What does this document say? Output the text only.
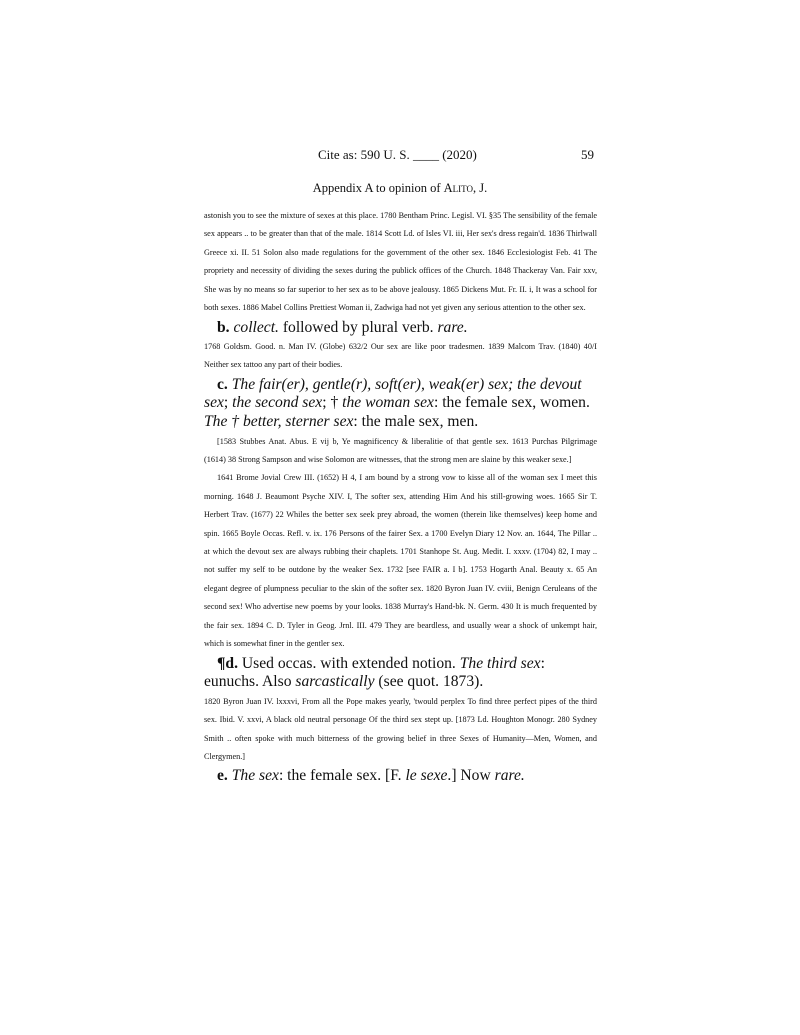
Cite as: 590 U. S. ____ (2020)	59
Appendix A to opinion of Alito, J.

astonish you to see the mixture of sexes at this place. 1780 Bentham Princ. Legisl. VI. §35 The sensibility of the female sex appears .. to be greater than that of the male. 1814 Scott Ld. of Isles VI. iii, Her sex's dress regain'd. 1836 Thirlwall Greece xi. II. 51 Solon also made regulations for the government of the other sex. 1846 Ecclesiologist Feb. 41 The propriety and necessity of dividing the sexes during the publick offices of the Church. 1848 Thackeray Van. Fair xxv, She was by no means so far superior to her sex as to be above jealousy. 1865 Dickens Mut. Fr. II. i, It was a school for both sexes. 1886 Mabel Collins Prettiest Woman ii, Zadwiga had not yet given any serious attention to the other sex.

b. collect. followed by plural verb. rare.

1768 Goldsm. Good. n. Man IV. (Globe) 632/2 Our sex are like poor tradesmen. 1839 Malcom Trav. (1840) 40/I Neither sex tattoo any part of their bodies.

c. The fair(er), gentle(r), soft(er), weak(er) sex; the devout sex; the second sex; † the woman sex: the female sex, women. The † better, sterner sex: the male sex, men.

[1583 Stubbes Anat. Abus. E vij b, Ye magnificency & liberalitie of that gentle sex. 1613 Purchas Pilgrimage (1614) 38 Strong Sampson and wise Solomon are witnesses, that the strong men are slaine by this weaker sexe.]

1641 Brome Jovial Crew III. (1652) H 4, I am bound by a strong vow to kisse all of the woman sex I meet this morning. 1648 J. Beaumont Psyche XIV. I, The softer sex, attending Him And his still-growing woes. 1665 Sir T. Herbert Trav. (1677) 22 Whiles the better sex seek prey abroad, the women (therein like themselves) keep home and spin. 1665 Boyle Occas. Refl. v. ix. 176 Persons of the fairer Sex. a 1700 Evelyn Diary 12 Nov. an. 1644, The Pillar .. at which the devout sex are always rubbing their chaplets. 1701 Stanhope St. Aug. Medit. I. xxxv. (1704) 82, I may .. not suffer my self to be outdone by the weaker Sex. 1732 [see FAIR a. I b]. 1753 Hogarth Anal. Beauty x. 65 An elegant degree of plumpness peculiar to the skin of the softer sex. 1820 Byron Juan IV. cviii, Benign Ceruleans of the second sex! Who advertise new poems by your looks. 1838 Murray's Hand-bk. N. Germ. 430 It is much frequented by the fair sex. 1894 C. D. Tyler in Geog. Jrnl. III. 479 They are beardless, and usually wear a shock of unkempt hair, which is somewhat finer in the gentler sex.

¶d. Used occas. with extended notion. The third sex: eunuchs. Also sarcastically (see quot. 1873).

1820 Byron Juan IV. lxxxvi, From all the Pope makes yearly, 'twould perplex To find three perfect pipes of the third sex. Ibid. V. xxvi, A black old neutral personage Of the third sex stept up. [1873 Ld. Houghton Monogr. 280 Sydney Smith .. often spoke with much bitterness of the growing belief in three Sexes of Humanity—Men, Women, and Clergymen.]

e. The sex: the female sex. [F. le sexe.] Now rare.
